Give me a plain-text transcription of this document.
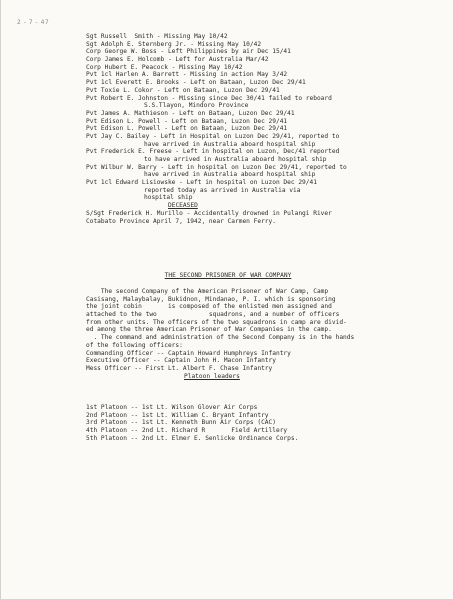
2 - 7 - 47
Sgt Russell  Smith - Missing May 10/42
Sgt Adolph E. Sternberg Jr. - Missing May 10/42
Corp George W. Boss - Left Philippines by air Dec 15/41
Corp James E. Holcomb - Left for Australia Mar/42
Corp Hubert E. Peacock - Missing May 10/42
Pvt 1cl Harlen A. Barrett - Missing in action May 3/42
Pvt 1cl Everett E. Brooks - Left on Bataan, Luzon Dec 29/41
Pvt Toxie L. Cokor - Left on Bataan, Luzon Dec 29/41
Pvt Robert E. Johnston - Missing since Dec 30/41 failed to reboard
S.S.Tlayon, Mindoro Province
Pvt James A. Mathieson - Left on Bataan, Luzon Dec 29/41
Pvt Edison L. Powell - Left on Bataan, Luzon Dec 29/41
Pvt Edison L. Powell - Left on Bataan, Luzon Dec 29/41
Pvt Jay C. Bailey - Left in Hospital on Luzon Dec 29/41, reported to
have arrived in Australia aboard hospital ship
Pvt Frederick E. Freese - Left in hospital on Luzon, Dec/41 reported
to have arrived in Australia aboard hospital ship
Pvt Wilbur W. Barry - Left in hospital on Luzon Dec 29/41, reported to
have arrived in Australia aboard hospital ship
Pvt 1cl Edward Lisiowske - Left in hospital on Luzon Dec 29/41
reported today as arrived in Australia via
hospital ship
DECEASED
S/Sgt Frederick H. Murillo - Accidentally drowned in Pulangi River
Cotabato Province April 7, 1942, near Carmen Ferry.
THE SECOND PRISONER OF WAR COMPANY
The second Company of the American Prisoner of War Camp, Camp
Casisang, Malaybalay, Bukidnon, Mindanao, P. I. which is sponsoring
the joint cobin       is composed of the enlisted men assigned and
attached to the two              squadrons, and a number of officers
from other units. The officers of the two squadrons in camp are divid-
ed among the three American Prisoner of War Companies in the camp.
. The command and administration of the Second Company is in the hands
of the following officers:
Commanding Officer -- Captain Howard Humphreys Infantry
Executive Officer -- Captain John H. Macon Infantry
Mess Officer -- First Lt. Albert F. Chase Infantry
Platoon leaders
1st Platoon -- 1st Lt. Wilson Glover Air Corps
2nd Platoon -- 1st Lt. William C. Bryant Infantry
3rd Platoon -- 1st Lt. Kenneth Bunn Air Corps (CAC)
4th Platoon -- 2nd Lt. Richard R       Field Artillery
5th Platoon -- 2nd Lt. Elmer E. Senlicke Ordinance Corps.
